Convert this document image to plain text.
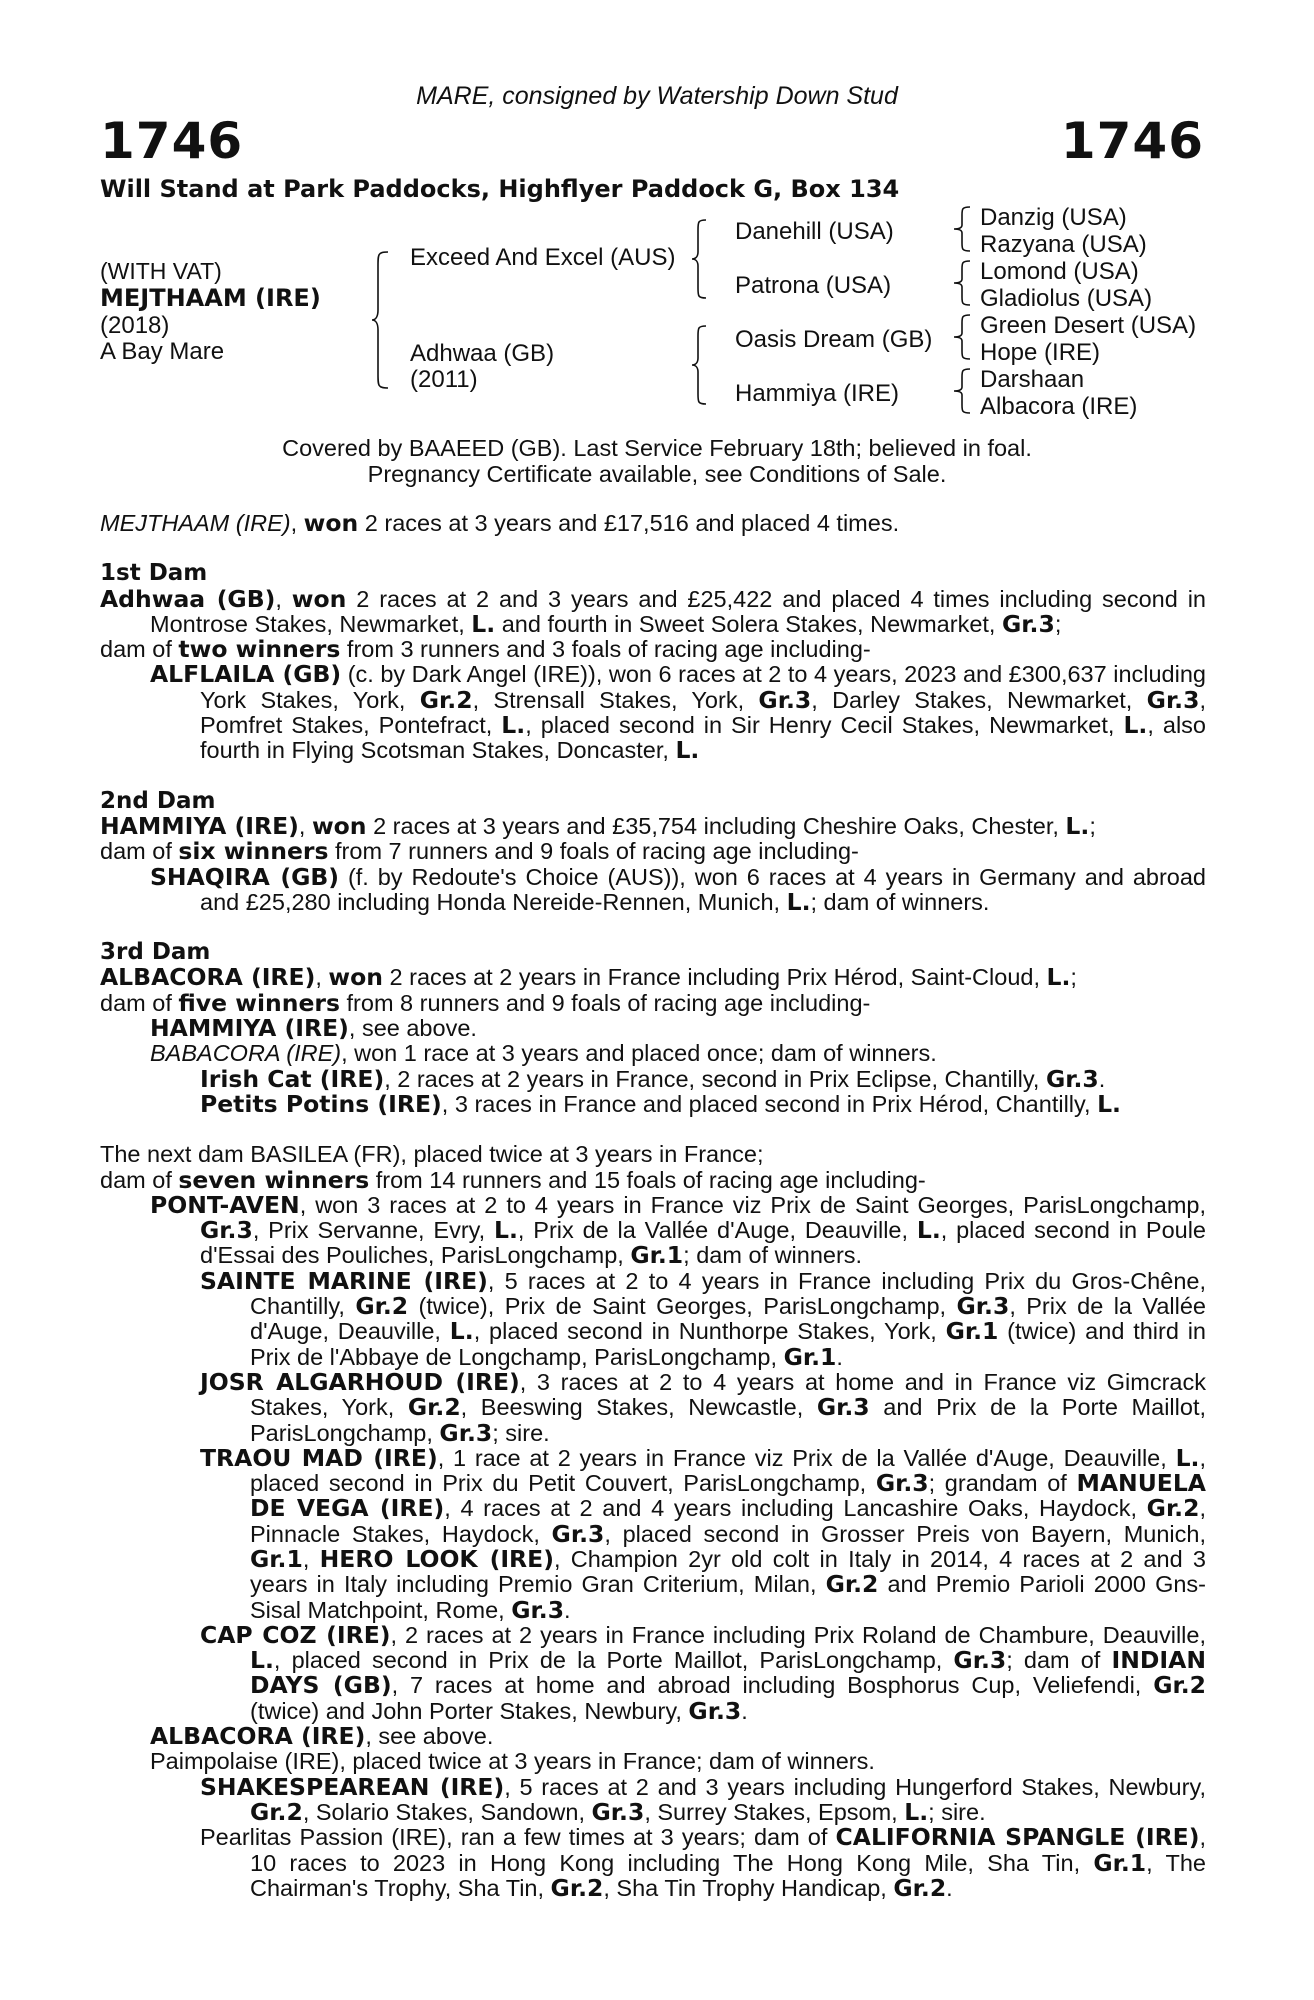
MARE, consigned by Watership Down Stud
1746	1746
Will Stand at Park Paddocks, Highflyer Paddock G, Box 134
(WITH VAT)
MEJTHAAM (IRE)
(2018)
A Bay Mare
Exceed And Excel (AUS)
Adhwaa (GB)
(2011)
Danehill (USA)
Patrona (USA)
Oasis Dream (GB)
Hammiya (IRE)
Danzig (USA)
Razyana (USA)
Lomond (USA)
Gladiolus (USA)
Green Desert (USA)
Hope (IRE)
Darshaan
Albacora (IRE)
Covered by BAAEED (GB). Last Service February 18th; believed in foal.
Pregnancy Certificate available, see Conditions of Sale.

MEJTHAAM (IRE), won 2 races at 3 years and £17,516 and placed 4 times.

1st Dam

Adhwaa (GB), won 2 races at 2 and 3 years and £25,422 and placed 4 times including second in Montrose Stakes, Newmarket, L. and fourth in Sweet Solera Stakes, Newmarket, Gr.3;

dam of two winners from 3 runners and 3 foals of racing age including-

ALFLAILA (GB) (c. by Dark Angel (IRE)), won 6 races at 2 to 4 years, 2023 and £300,637 including York Stakes, York, Gr.2, Strensall Stakes, York, Gr.3, Darley Stakes, Newmarket, Gr.3, Pomfret Stakes, Pontefract, L., placed second in Sir Henry Cecil Stakes, Newmarket, L., also fourth in Flying Scotsman Stakes, Doncaster, L.

2nd Dam

HAMMIYA (IRE), won 2 races at 3 years and £35,754 including Cheshire Oaks, Chester, L.;

dam of six winners from 7 runners and 9 foals of racing age including-

SHAQIRA (GB) (f. by Redoute's Choice (AUS)), won 6 races at 4 years in Germany and abroad and £25,280 including Honda Nereide-Rennen, Munich, L.; dam of winners.

3rd Dam

ALBACORA (IRE), won 2 races at 2 years in France including Prix Hérod, Saint-Cloud, L.;

dam of five winners from 8 runners and 9 foals of racing age including-

HAMMIYA (IRE), see above.

BABACORA (IRE), won 1 race at 3 years and placed once; dam of winners.

Irish Cat (IRE), 2 races at 2 years in France, second in Prix Eclipse, Chantilly, Gr.3.

Petits Potins (IRE), 3 races in France and placed second in Prix Hérod, Chantilly, L.

The next dam BASILEA (FR), placed twice at 3 years in France;

dam of seven winners from 14 runners and 15 foals of racing age including-

PONT-AVEN, won 3 races at 2 to 4 years in France viz Prix de Saint Georges, ParisLongchamp, Gr.3, Prix Servanne, Evry, L., Prix de la Vallée d'Auge, Deauville, L., placed second in Poule d'Essai des Pouliches, ParisLongchamp, Gr.1; dam of winners.

SAINTE MARINE (IRE), 5 races at 2 to 4 years in France including Prix du Gros-Chêne, Chantilly, Gr.2 (twice), Prix de Saint Georges, ParisLongchamp, Gr.3, Prix de la Vallée d'Auge, Deauville, L., placed second in Nunthorpe Stakes, York, Gr.1 (twice) and third in Prix de l'Abbaye de Longchamp, ParisLongchamp, Gr.1.

JOSR ALGARHOUD (IRE), 3 races at 2 to 4 years at home and in France viz Gimcrack Stakes, York, Gr.2, Beeswing Stakes, Newcastle, Gr.3 and Prix de la Porte Maillot, ParisLongchamp, Gr.3; sire.

TRAOU MAD (IRE), 1 race at 2 years in France viz Prix de la Vallée d'Auge, Deauville, L., placed second in Prix du Petit Couvert, ParisLongchamp, Gr.3; grandam of MANUELA DE VEGA (IRE), 4 races at 2 and 4 years including Lancashire Oaks, Haydock, Gr.2, Pinnacle Stakes, Haydock, Gr.3, placed second in Grosser Preis von Bayern, Munich, Gr.1, HERO LOOK (IRE), Champion 2yr old colt in Italy in 2014, 4 races at 2 and 3 years in Italy including Premio Gran Criterium, Milan, Gr.2 and Premio Parioli 2000 Gns-Sisal Matchpoint, Rome, Gr.3.

CAP COZ (IRE), 2 races at 2 years in France including Prix Roland de Chambure, Deauville, L., placed second in Prix de la Porte Maillot, ParisLongchamp, Gr.3; dam of INDIAN DAYS (GB), 7 races at home and abroad including Bosphorus Cup, Veliefendi, Gr.2 (twice) and John Porter Stakes, Newbury, Gr.3.

ALBACORA (IRE), see above.

Paimpolaise (IRE), placed twice at 3 years in France; dam of winners.

SHAKESPEAREAN (IRE), 5 races at 2 and 3 years including Hungerford Stakes, Newbury, Gr.2, Solario Stakes, Sandown, Gr.3, Surrey Stakes, Epsom, L.; sire.

Pearlitas Passion (IRE), ran a few times at 3 years; dam of CALIFORNIA SPANGLE (IRE), 10 races to 2023 in Hong Kong including The Hong Kong Mile, Sha Tin, Gr.1, The Chairman's Trophy, Sha Tin, Gr.2, Sha Tin Trophy Handicap, Gr.2.
